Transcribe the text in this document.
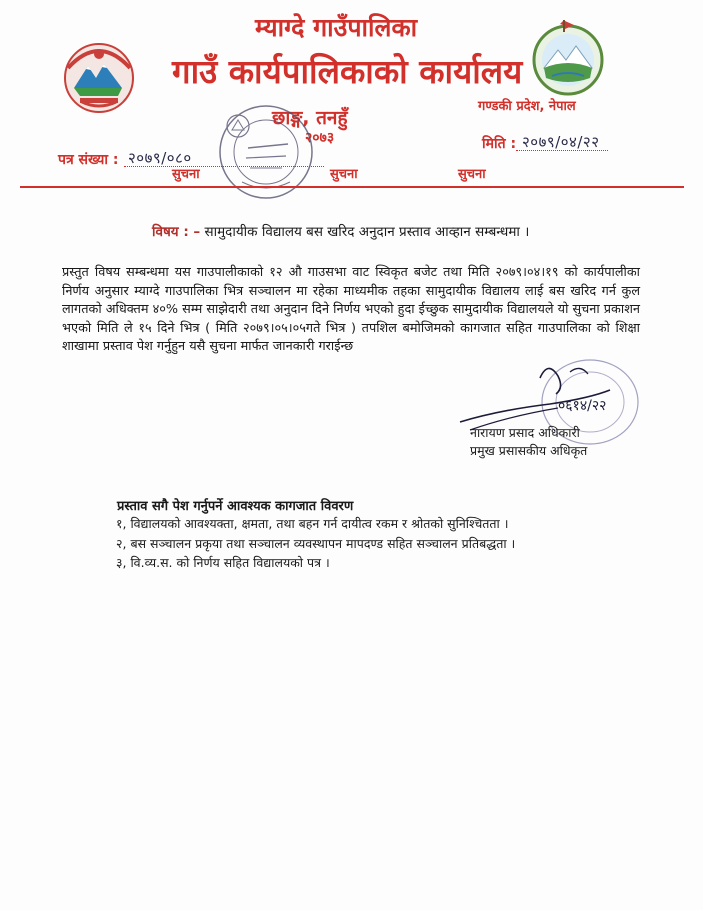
म्याग्दे गाउँपालिका
गाउँ कार्यपालिकाको कार्यालय
छाङ्ग, तनहुँ
२०७३
गण्डकी प्रदेश, नेपाल
पत्र संख्या : २०७९/०८०
मिति : २०७९/०४/२२
सुचना	सुचना	सुचना
विषय : – सामुदायीक विद्यालय बस खरिद अनुदान प्रस्ताव आव्हान सम्बन्धमा ।
प्रस्तुत विषय सम्बन्धमा यस गाउपालीकाको १२ औ गाउसभा वाट स्विकृत बजेट तथा मिति २०७९।०४।१९ को कार्यपालीका निर्णय अनुसार म्याग्दे गाउपालिका भित्र सञ्चालन मा रहेका माध्यमीक तहका सामुदायीक विद्यालय लाई बस खरिद गर्न कुल लागतको अधिक्तम ४०% सम्म साझेदारी तथा अनुदान दिने निर्णय भएको हुदा ईच्छुक सामुदायीक विद्यालयले यो सुचना प्रकाशन भएको मिति ले १५ दिने भित्र ( मिति २०७९।०५।०५गते भित्र ) तपशिल बमोजिमको कागजात सहित गाउपालिका को शिक्षा शाखामा प्रस्ताव पेश गर्नुहुन यसै सुचना मार्फत जानकारी गराईन्छ
०६१४/२२
नारायण प्रसाद अधिकारी
प्रमुख प्रसासकीय अधिकृत
प्रस्ताव सगै पेश गर्नुपर्ने आवश्यक कागजात विवरण
१, विद्यालयको आवश्यक्ता, क्षमता, तथा बहन गर्न दायीत्व रकम र श्रोतको सुनिश्चितता ।
२, बस सञ्चालन प्रकृया तथा सञ्चालन व्यवस्थापन मापदण्ड सहित सञ्चालन प्रतिबद्धता ।
३, वि.व्य.स. को निर्णय सहित विद्यालयको पत्र ।
